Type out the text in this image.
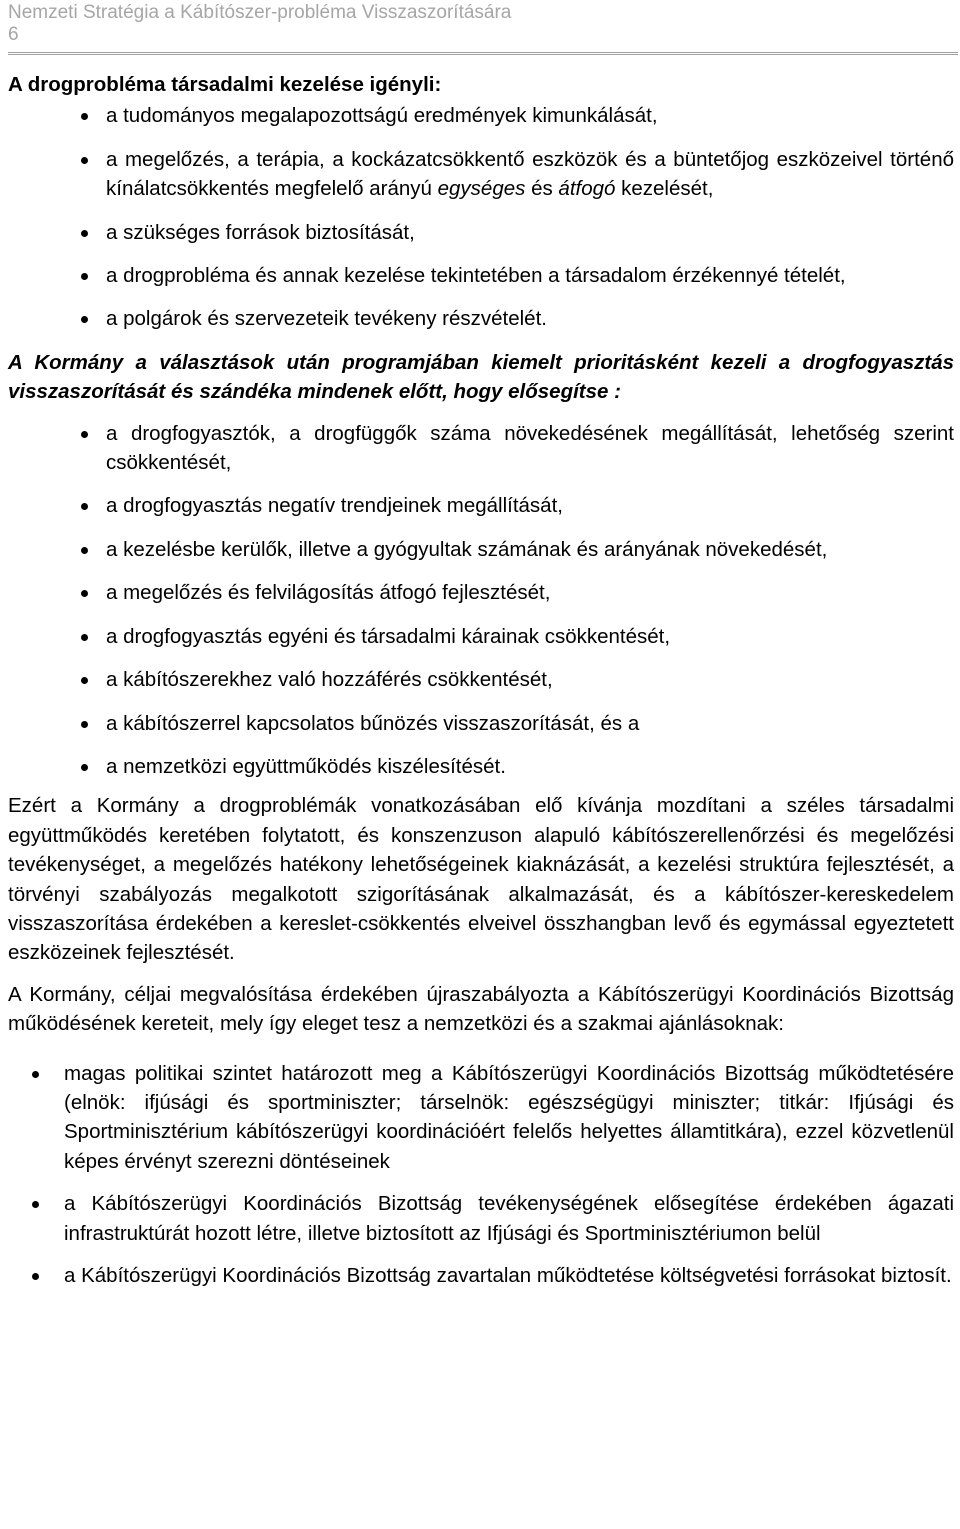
Nemzeti Stratégia a Kábítószer-probléma Visszaszorítására
6

A drogprobléma társadalmi kezelése igényli:

a tudományos megalapozottságú eredmények kimunkálását,
a megelőzés, a terápia, a kockázatcsökkentő eszközök és a büntetőjog eszközeivel történő kínálatcsökkentés megfelelő arányú egységes és átfogó kezelését,
a szükséges források biztosítását,
a drogprobléma és annak kezelése tekintetében a társadalom érzékennyé tételét,
a polgárok és szervezeteik tevékeny részvételét.

A Kormány a választások után programjában kiemelt prioritásként kezeli a drogfogyasztás visszaszorítását és szándéka mindenek előtt, hogy elősegítse :

a drogfogyasztók, a drogfüggők száma növekedésének megállítását, lehetőség szerint csökkentését,
a drogfogyasztás negatív trendjeinek megállítását,
a kezelésbe kerülők, illetve a gyógyultak számának és arányának növekedését,
a megelőzés és felvilágosítás átfogó fejlesztését,
a drogfogyasztás egyéni és társadalmi kárainak csökkentését,
a kábítószerekhez való hozzáférés csökkentését,
a kábítószerrel kapcsolatos bűnözés visszaszorítását, és a
a nemzetközi együttműködés kiszélesítését.

Ezért a Kormány a drogproblémák vonatkozásában elő kívánja mozdítani a széles társadalmi együttműködés keretében folytatott, és konszenzuson alapuló kábítószerellenőrzési és megelőzési tevékenységet, a megelőzés hatékony lehetőségeinek kiaknázását, a kezelési struktúra fejlesztését, a törvényi szabályozás megalkotott szigorításának alkalmazását, és a kábítószer-kereskedelem visszaszorítása érdekében a kereslet-csökkentés elveivel összhangban levő és egymással egyeztetett eszközeinek fejlesztését.

A Kormány, céljai megvalósítása érdekében újraszabályozta a Kábítószerügyi Koordinációs Bizottság működésének kereteit, mely így eleget tesz a nemzetközi és a szakmai ajánlásoknak:

magas politikai szintet határozott meg a Kábítószerügyi Koordinációs Bizottság működtetésére (elnök: ifjúsági és sportminiszter; társelnök: egészségügyi miniszter; titkár: Ifjúsági és Sportminisztérium kábítószerügyi koordinációért felelős helyettes államtitkára), ezzel közvetlenül képes érvényt szerezni döntéseinek
a Kábítószerügyi Koordinációs Bizottság tevékenységének elősegítése érdekében ágazati infrastruktúrát hozott létre, illetve biztosított az Ifjúsági és Sportminisztériumon belül
a Kábítószerügyi Koordinációs Bizottság zavartalan működtetése költségvetési forrásokat biztosít.
